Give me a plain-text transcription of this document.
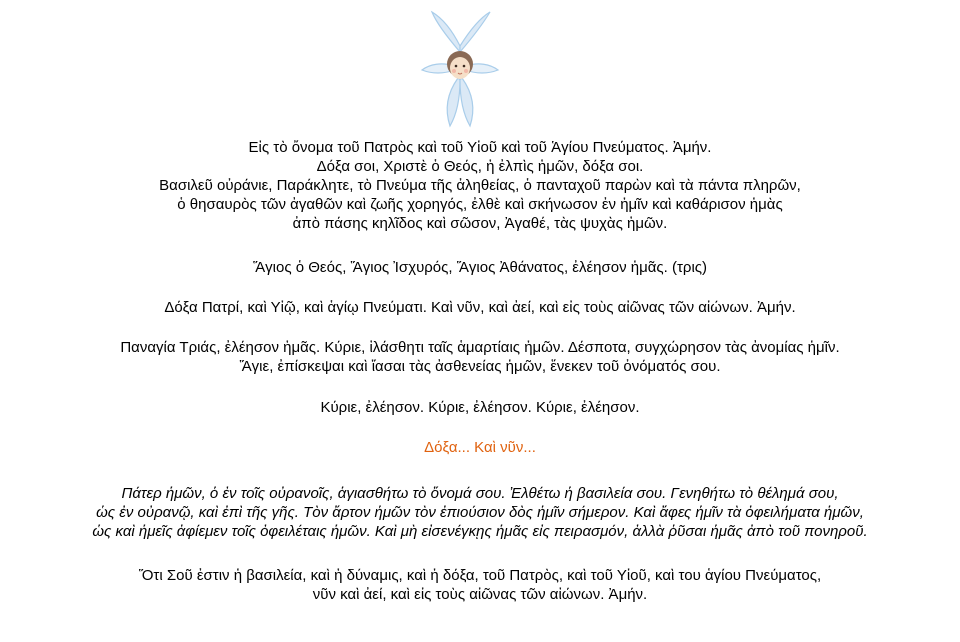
Εἰς τὸ ὄνομα τοῦ Πατρὸς καὶ τοῦ Υἱοῦ καὶ τοῦ Ἁγίου Πνεύματος. Ἀμήν.
Δόξα σοι, Χριστὲ ὁ Θεός, ἡ ἐλπὶς ἡμῶν, δόξα σοι.
Βασιλεῦ οὐράνιε, Παράκλητε, τὸ Πνεύμα τῆς ἀληθείας, ὁ πανταχοῦ παρὼν καὶ τὰ πάντα πληρῶν,
ὁ θησαυρὸς τῶν ἀγαθῶν καὶ ζωῆς χορηγός, ἐλθὲ καὶ σκήνωσον ἐν ἡμῖν καὶ καθάρισον ἡμὰς
ἀπὸ πάσης κηλῖδος καὶ σῶσον, Ἀγαθέ, τὰς ψυχὰς ἡμῶν.
Ἅγιος ὁ Θεός, Ἅγιος Ἰσχυρός, Ἅγιος Ἀθάνατος, ἐλέησον ἡμᾶς. (τρις)
Δόξα Πατρί, καὶ Υἱῷ, καὶ ἁγίῳ Πνεύματι. Καὶ νῦν, καὶ ἀεί, καὶ εἰς τοὺς αἰῶνας τῶν αἰώνων. Ἀμήν.
Παναγία Τριάς, ἐλέησον ἡμᾶς. Κύριε, ἱλάσθητι ταῖς ἁμαρτίαις ἡμῶν. Δέσποτα, συγχώρησον τὰς ἀνομίας ἡμῖν.
Ἅγιε, ἐπίσκεψαι καὶ ἴασαι τὰς ἀσθενείας ἡμῶν, ἕνεκεν τοῦ ὀνόματός σου.
Κύριε, ἐλέησον. Κύριε, ἐλέησον. Κύριε, ἐλέησον.
Δόξα... Καὶ νῦν...
Πάτερ ἡμῶν, ὁ ἐν τοῖς οὐρανοῖς, ἁγιασθήτω τὸ ὄνομά σου. Ἐλθέτω ἡ βασιλεία σου. Γενηθήτω τὸ θέλημά σου,
ὡς ἐν οὐρανῷ, καὶ ἐπὶ τῆς γῆς. Τὸν ἄρτον ἡμῶν τὸν ἐπιούσιον δὸς ἡμῖν σήμερον. Καὶ ἄφες ἡμῖν τὰ ὀφειλήματα ἡμῶν,
ὡς καὶ ἡμεῖς ἀφίεμεν τοῖς ὀφειλέταις ἡμῶν. Καὶ μὴ εἰσενέγκῃς ἡμᾶς εἰς πειρασμόν, ἀλλὰ ῥῦσαι ἡμᾶς ἀπὸ τοῦ πονηροῦ.
Ὅτι Σοῦ ἐστιν ἡ βασιλεία, καὶ ἡ δύναμις, καὶ ἡ δόξα, τοῦ Πατρὸς, καὶ τοῦ Υἱοῦ, καὶ του ἁγίου Πνεύματος,
νῦν καὶ ἀεί, καὶ εἰς τοὺς αἰῶνας τῶν αἰώνων. Ἀμήν.
